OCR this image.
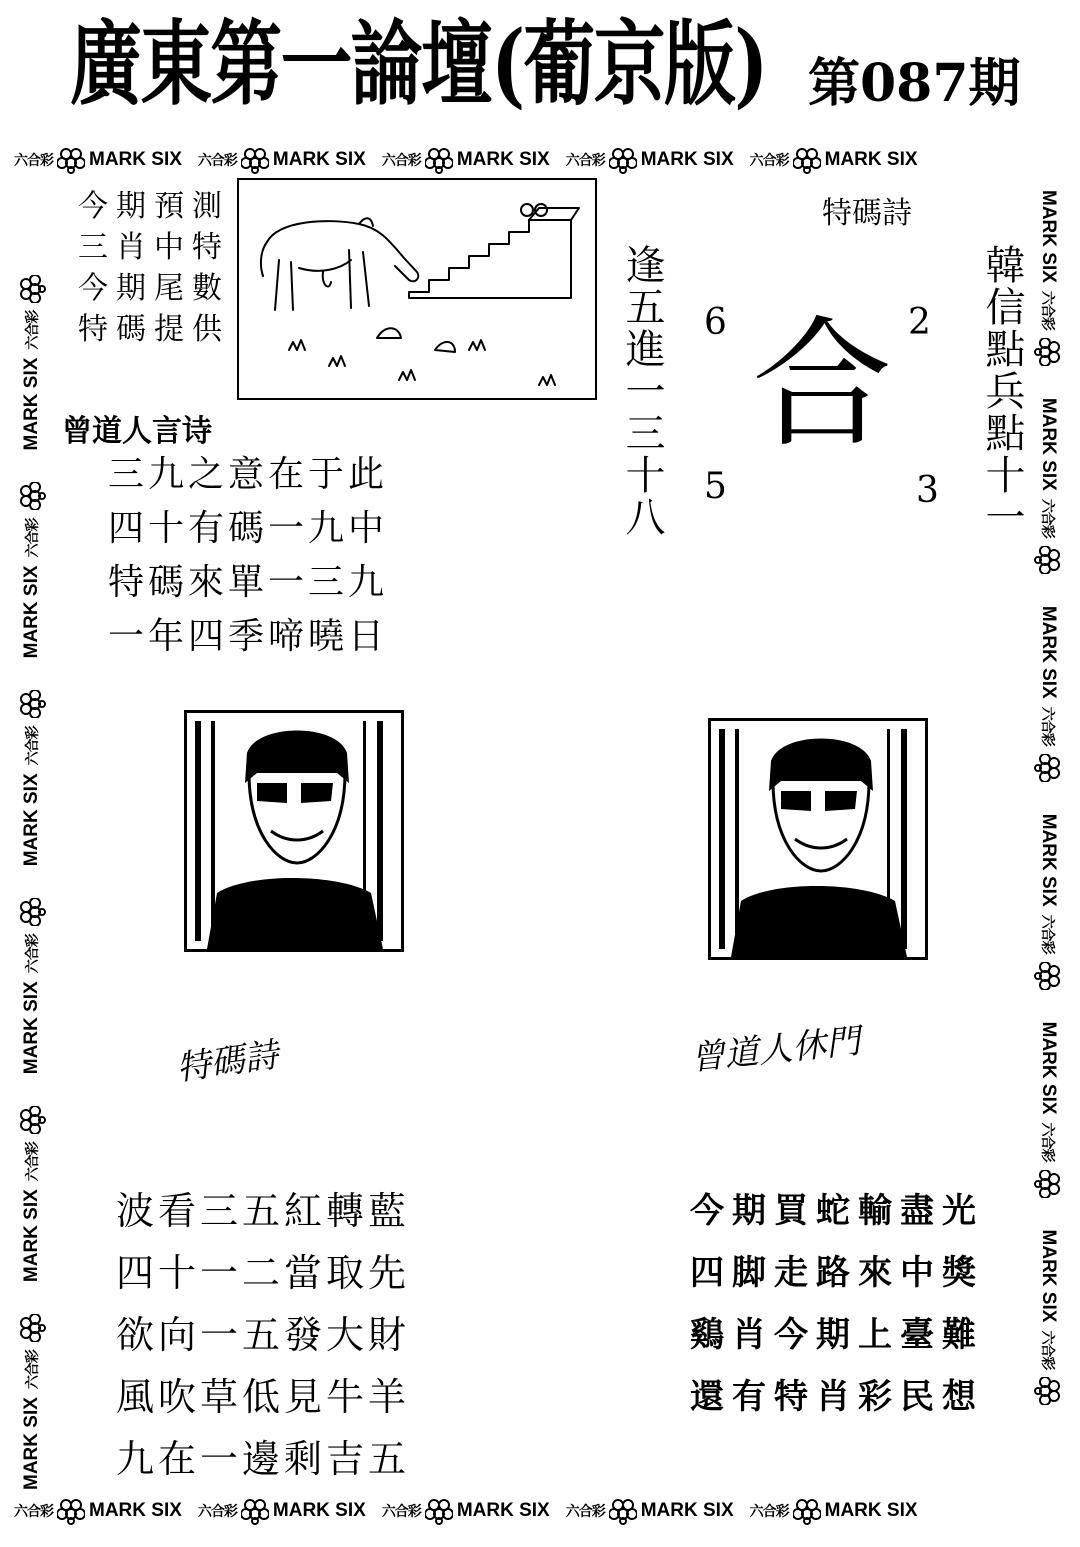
廣東第一論壇(葡京版) 第087期
六合彩 MARK SIX 六合彩 MARK SIX 六合彩 MARK SIX 六合彩 MARK SIX 六合彩 MARK SIX
六合彩 MARK SIX 六合彩 MARK SIX 六合彩 MARK SIX 六合彩 MARK SIX 六合彩 MARK SIX
MARK SIX
六合彩
MARK SIX
六合彩
MARK SIX
六合彩
MARK SIX
六合彩
MARK SIX
六合彩
MARK SIX
六合彩
MARK SIX
六合彩
MARK SIX
六合彩
MARK SIX
六合彩
MARK SIX
六合彩
MARK SIX
六合彩
MARK SIX
六合彩
今期預測
三肖中特
今期尾數
特碼提供
特碼詩
逢五進一三十八	韓信點兵點十一
合
6	2
5	3
曾道人言诗
三九之意在于此
四十有碼一九中
特碼來單一三九
一年四季啼曉日
特碼詩	曾道人休門
波看三五紅轉藍
四十一二當取先
欲向一五發大財
風吹草低見牛羊
九在一邊剩吉五
今期買蛇輸盡光
四脚走路來中獎
鷄肖今期上臺難
還有特肖彩民想
